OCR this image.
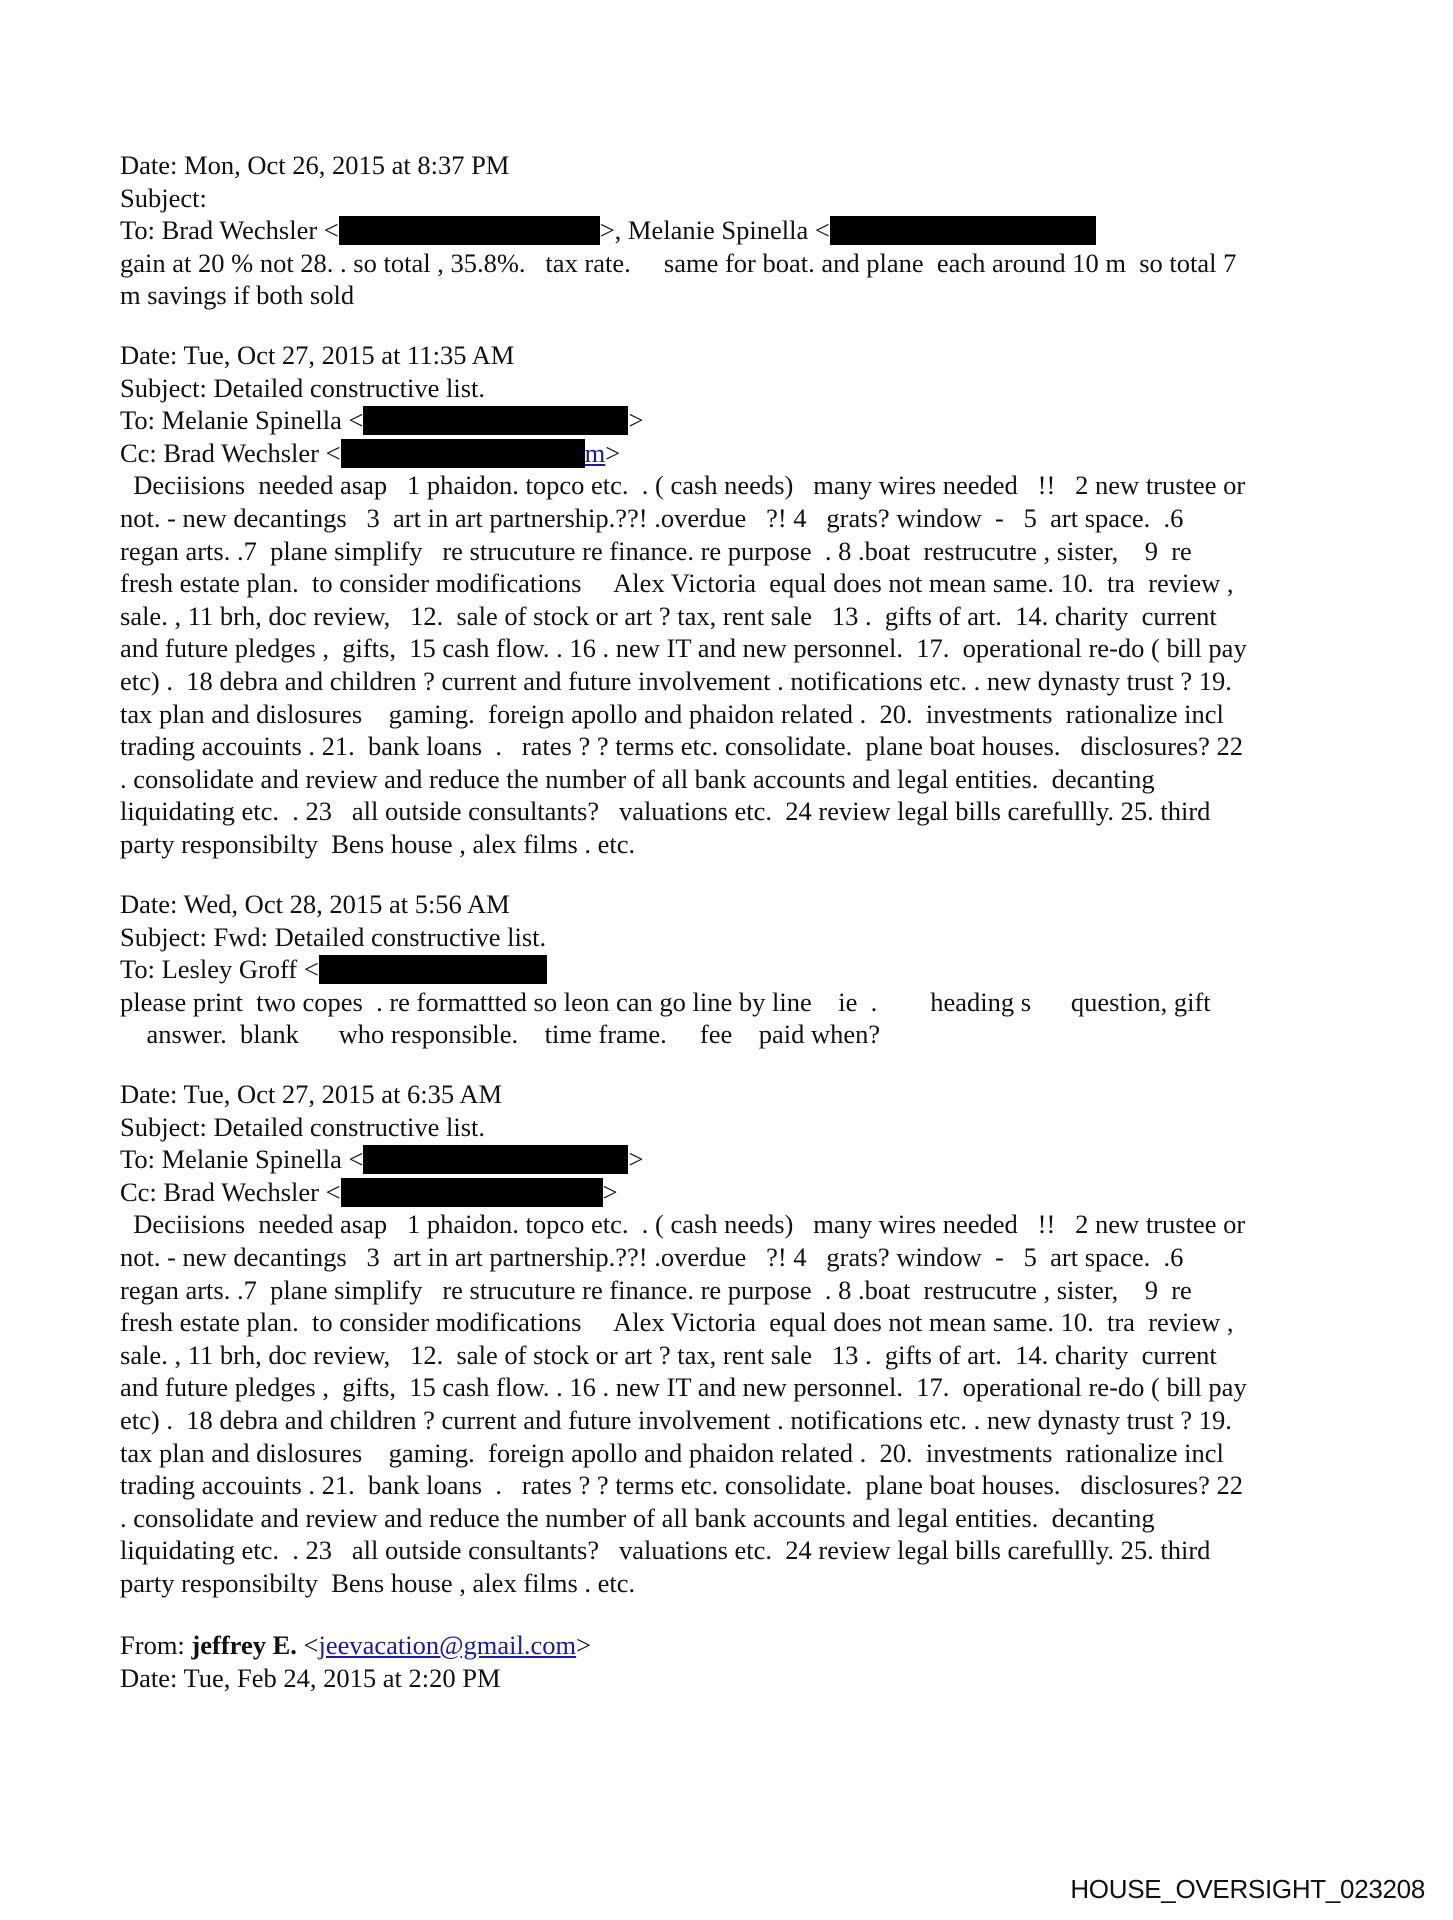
Date: Mon, Oct 26, 2015 at 8:37 PM
Subject:
To: Brad Wechsler <	>, Melanie Spinella <
gain at 20 % not 28. . so total , 35.8%.   tax rate.     same for boat. and plane  each around 10 m  so total 7
m savings if both sold
Date: Tue, Oct 27, 2015 at 11:35 AM
Subject: Detailed constructive list.
To: Melanie Spinella <	>
Cc: Brad Wechsler <	m>
Deciisions  needed asap   1 phaidon. topco etc.  . ( cash needs)   many wires needed   !!   2 new trustee or
not. - new decantings   3  art in art partnership.??! .overdue   ?! 4   grats? window  -   5  art space.  .6
regan arts. .7  plane simplify   re strucuture re finance. re purpose  . 8 .boat  restrucutre , sister,    9  re
fresh estate plan.  to consider modifications     Alex Victoria  equal does not mean same. 10.  tra  review ,
sale. , 11 brh, doc review,   12.  sale of stock or art ? tax, rent sale   13 .  gifts of art.  14. charity  current
and future pledges ,  gifts,  15 cash flow. . 16 . new IT and new personnel.  17.  operational re-do ( bill pay
etc) .  18 debra and children ? current and future involvement . notifications etc. . new dynasty trust ? 19.
tax plan and dislosures    gaming.  foreign apollo and phaidon related .  20.  investments  rationalize incl
trading accouints . 21.  bank loans  .   rates ? ? terms etc. consolidate.  plane boat houses.   disclosures? 22
. consolidate and review and reduce the number of all bank accounts and legal entities.  decanting
liquidating etc.  . 23   all outside consultants?   valuations etc.  24 review legal bills carefullly. 25. third
party responsibilty  Bens house , alex films . etc.
Date: Wed, Oct 28, 2015 at 5:56 AM
Subject: Fwd: Detailed constructive list.
To: Lesley Groff <
please print  two copes  . re formattted so leon can go line by line    ie  .        heading s      question, gift
answer.  blank      who responsible.    time frame.     fee    paid when?
Date: Tue, Oct 27, 2015 at 6:35 AM
Subject: Detailed constructive list.
To: Melanie Spinella <	>
Cc: Brad Wechsler <	>
Deciisions  needed asap   1 phaidon. topco etc.  . ( cash needs)   many wires needed   !!   2 new trustee or
not. - new decantings   3  art in art partnership.??! .overdue   ?! 4   grats? window  -   5  art space.  .6
regan arts. .7  plane simplify   re strucuture re finance. re purpose  . 8 .boat  restrucutre , sister,    9  re
fresh estate plan.  to consider modifications     Alex Victoria  equal does not mean same. 10.  tra  review ,
sale. , 11 brh, doc review,   12.  sale of stock or art ? tax, rent sale   13 .  gifts of art.  14. charity  current
and future pledges ,  gifts,  15 cash flow. . 16 . new IT and new personnel.  17.  operational re-do ( bill pay
etc) .  18 debra and children ? current and future involvement . notifications etc. . new dynasty trust ? 19.
tax plan and dislosures    gaming.  foreign apollo and phaidon related .  20.  investments  rationalize incl
trading accouints . 21.  bank loans  .   rates ? ? terms etc. consolidate.  plane boat houses.   disclosures? 22
. consolidate and review and reduce the number of all bank accounts and legal entities.  decanting
liquidating etc.  . 23   all outside consultants?   valuations etc.  24 review legal bills carefullly. 25. third
party responsibilty  Bens house , alex films . etc.
From: jeffrey E. <jeevacation@gmail.com>
Date: Tue, Feb 24, 2015 at 2:20 PM
HOUSE_OVERSIGHT_023208
